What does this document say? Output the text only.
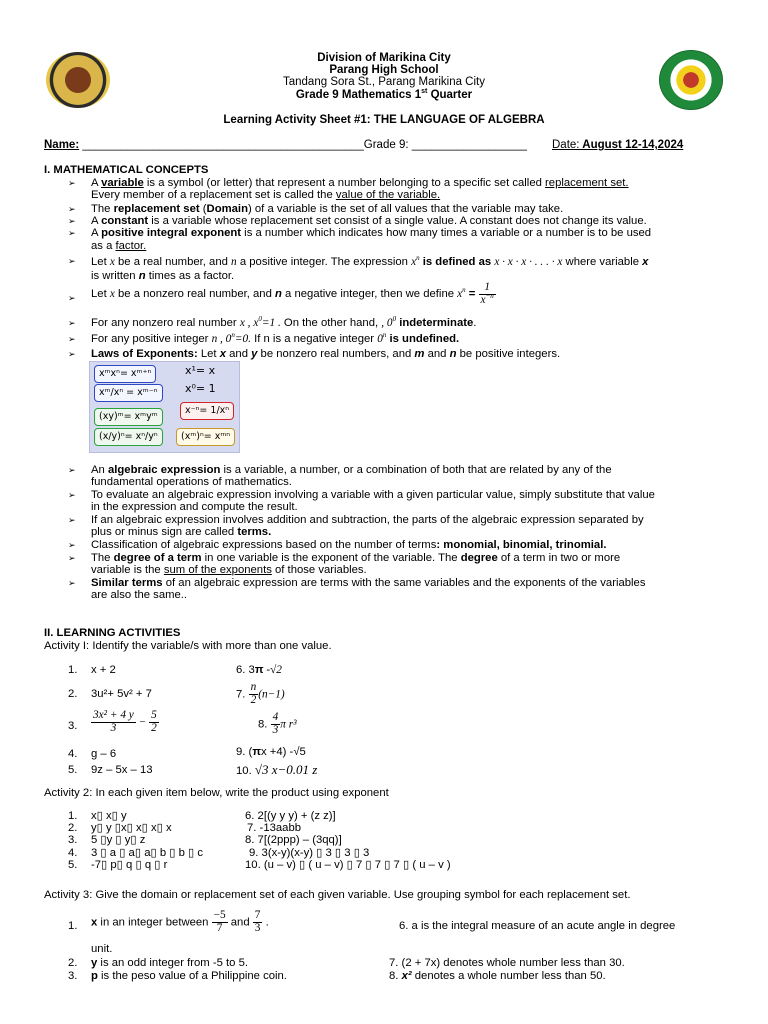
Division of Marikina City
Parang High School
Tandang Sora St., Parang Marikina City
Grade 9 Mathematics 1st Quarter
Learning Activity Sheet #1: THE LANGUAGE OF ALGEBRA
Name: ____________________________________________Grade 9: __________________ Date: August 12-14,2024
I. MATHEMATICAL CONCEPTS
➢ A variable is a symbol (or letter) that represent a number belonging to a specific set called replacement set.
Every member of a replacement set is called the value of the variable.
➢ The replacement set (Domain) of a variable is the set of all values that the variable may take.
➢ A constant is a variable whose replacement set consist of a single value. A constant does not change its value.
➢ A positive integral exponent is a number which indicates how many times a variable or a number is to be used
as a factor.
➢ Let x be a real number, and n a positive integer. The expression $x^n$ is defined as x · x · x · . . . · x where variable x
is written n times as a factor.
➢ Let x be a nonzero real number, and n a negative integer, then we define $x^n = \frac{1}{x^{-n}}$
➢ For any nonzero real number x , $x^0=1$ . On the other hand, , $0^0$ indeterminate.
➢ For any positive integer n , $0^n=0$. If n is a negative integer 0$^n$ is undefined.
➢ Laws of Exponents: Let x and y be nonzero real numbers, and m and n be positive integers.
xᵐxⁿ= xᵐ⁺ⁿ
xᵐ/xⁿ = xᵐ⁻ⁿ
x¹= x
x⁰= 1
(xy)ᵐ= xᵐyᵐ
(x/y)ⁿ= xⁿ/yⁿ
x⁻ⁿ= 1/xⁿ
(xᵐ)ⁿ= xᵐⁿ
➢ An algebraic expression is a variable, a number, or a combination of both that are related by any of the
fundamental operations of mathematics.
➢ To evaluate an algebraic expression involving a variable with a given particular value, simply substitute that value
in the expression and compute the result.
➢ If an algebraic expression involves addition and subtraction, the parts of the algebraic expression separated by
plus or minus sign are called terms.
➢ Classification of algebraic expressions based on the number of terms: monomial, binomial, trinomial.
➢ The degree of a term in one variable is the exponent of the variable. The degree of a term in two or more
variable is the sum of the exponents of those variables.
➢ Similar terms of an algebraic expression are terms with the same variables and the exponents of the variables
are also the same..
II. LEARNING ACTIVITIES
Activity I: Identify the variable/s with more than one value.
1. x + 2
2. 3u²+ 5v² + 7
3. $\frac{\text{3x² + 4 y}}{3} - \frac{5}{2}$
4. g – 6
5. 9z – 5x – 13
6. 3π -√2
7. $\frac{n}{2} (n-1)$
8. $\frac{4}{3}$ π r³
9. (πx +4) -√5
10. √3 x−0.01 z
Activity 2: In each given item below, write the product using exponent
1.
2.
3.
4.
5.
x▯ x▯ y
y▯ y ▯x▯ x▯ x▯ x
5 ▯y ▯ y▯ z
3 ▯ a ▯ a▯ a▯ b ▯ b ▯ c
-7▯ p▯ q ▯ q ▯ r
6. 2[(y y y) + (z z)]
7. -13aabb
8. 7[(2ppp) – (3qq)]
9. 3(x-y)(x-y) ▯ 3 ▯ 3 ▯ 3
10. (u – v) ▯ ( u – v) ▯ 7 ▯ 7 ▯ 7 ▯ ( u – v )
Activity 3: Give the domain or replacement set of each given variable. Use grouping symbol for each replacement set.
1. x in an integer between $\frac{-5}{7}$ and $\frac{7}{3}$ .	6. a is the integral measure of an acute angle in degree
unit.
2. y is an odd integer from -5 to 5.	7. (2 + 7x) denotes whole number less than 30.
3. p is the peso value of a Philippine coin.	8. x² denotes a whole number less than 50.
